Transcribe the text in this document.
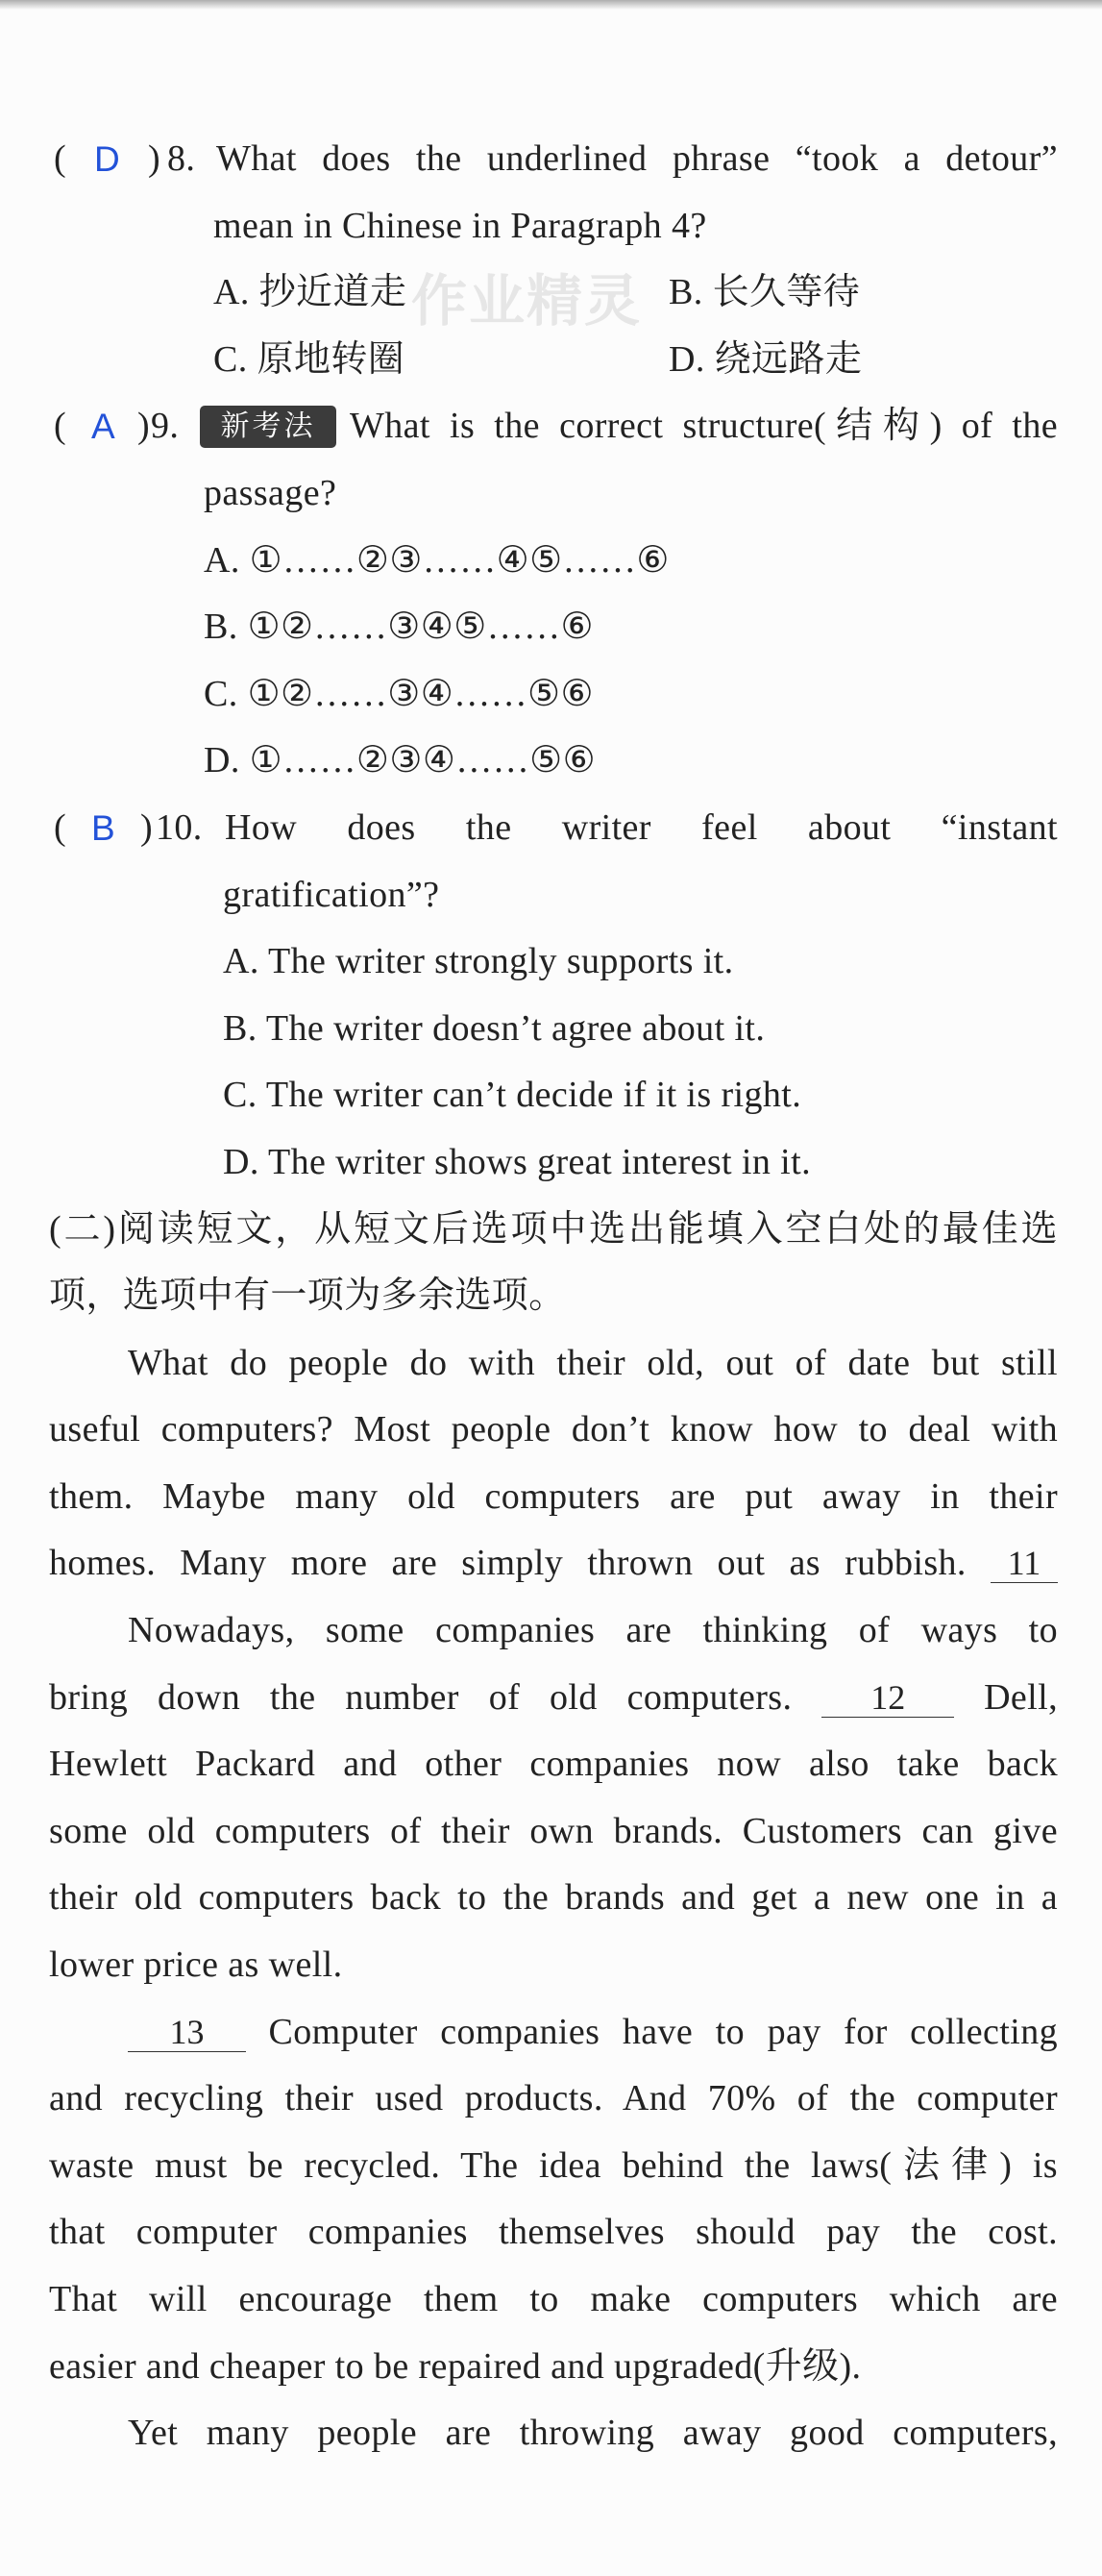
作业精灵
( D ) 8. What does the underlined phrase “took a detour”
mean in Chinese in Paragraph 4?
A. 抄近道走	B. 长久等待
C. 原地转圈	D. 绕远路走
( A ) 9.	新考法 What is the correct structure(结构) of the
passage?
A. ①……②③……④⑤……⑥
B. ①②……③④⑤……⑥
C. ①②……③④……⑤⑥
D. ①……②③④……⑤⑥
( B ) 10. How does the writer feel about “instant
gratification”?
A. The writer strongly supports it.
B. The writer doesn’t agree about it.
C. The writer can’t decide if it is right.
D. The writer shows great interest in it.
(二)阅读短文，从短文后选项中选出能填入空白处的最佳选
项，选项中有一项为多余选项。
What do people do with their old, out of date but still
useful computers? Most people don’t know how to deal with
them. Maybe many old computers are put away in their
homes. Many more are simply thrown out as rubbish. 11
Nowadays, some companies are thinking of ways to
bring down the number of old computers. 12 Dell,
Hewlett Packard and other companies now also take back
some old computers of their own brands. Customers can give
their old computers back to the brands and get a new one in a
lower price as well.
13 Computer companies have to pay for collecting
and recycling their used products. And 70% of the computer
waste must be recycled. The idea behind the laws(法律) is
that computer companies themselves should pay the cost.
That will encourage them to make computers which are
easier and cheaper to be repaired and upgraded(升级).
Yet many people are throwing away good computers,
